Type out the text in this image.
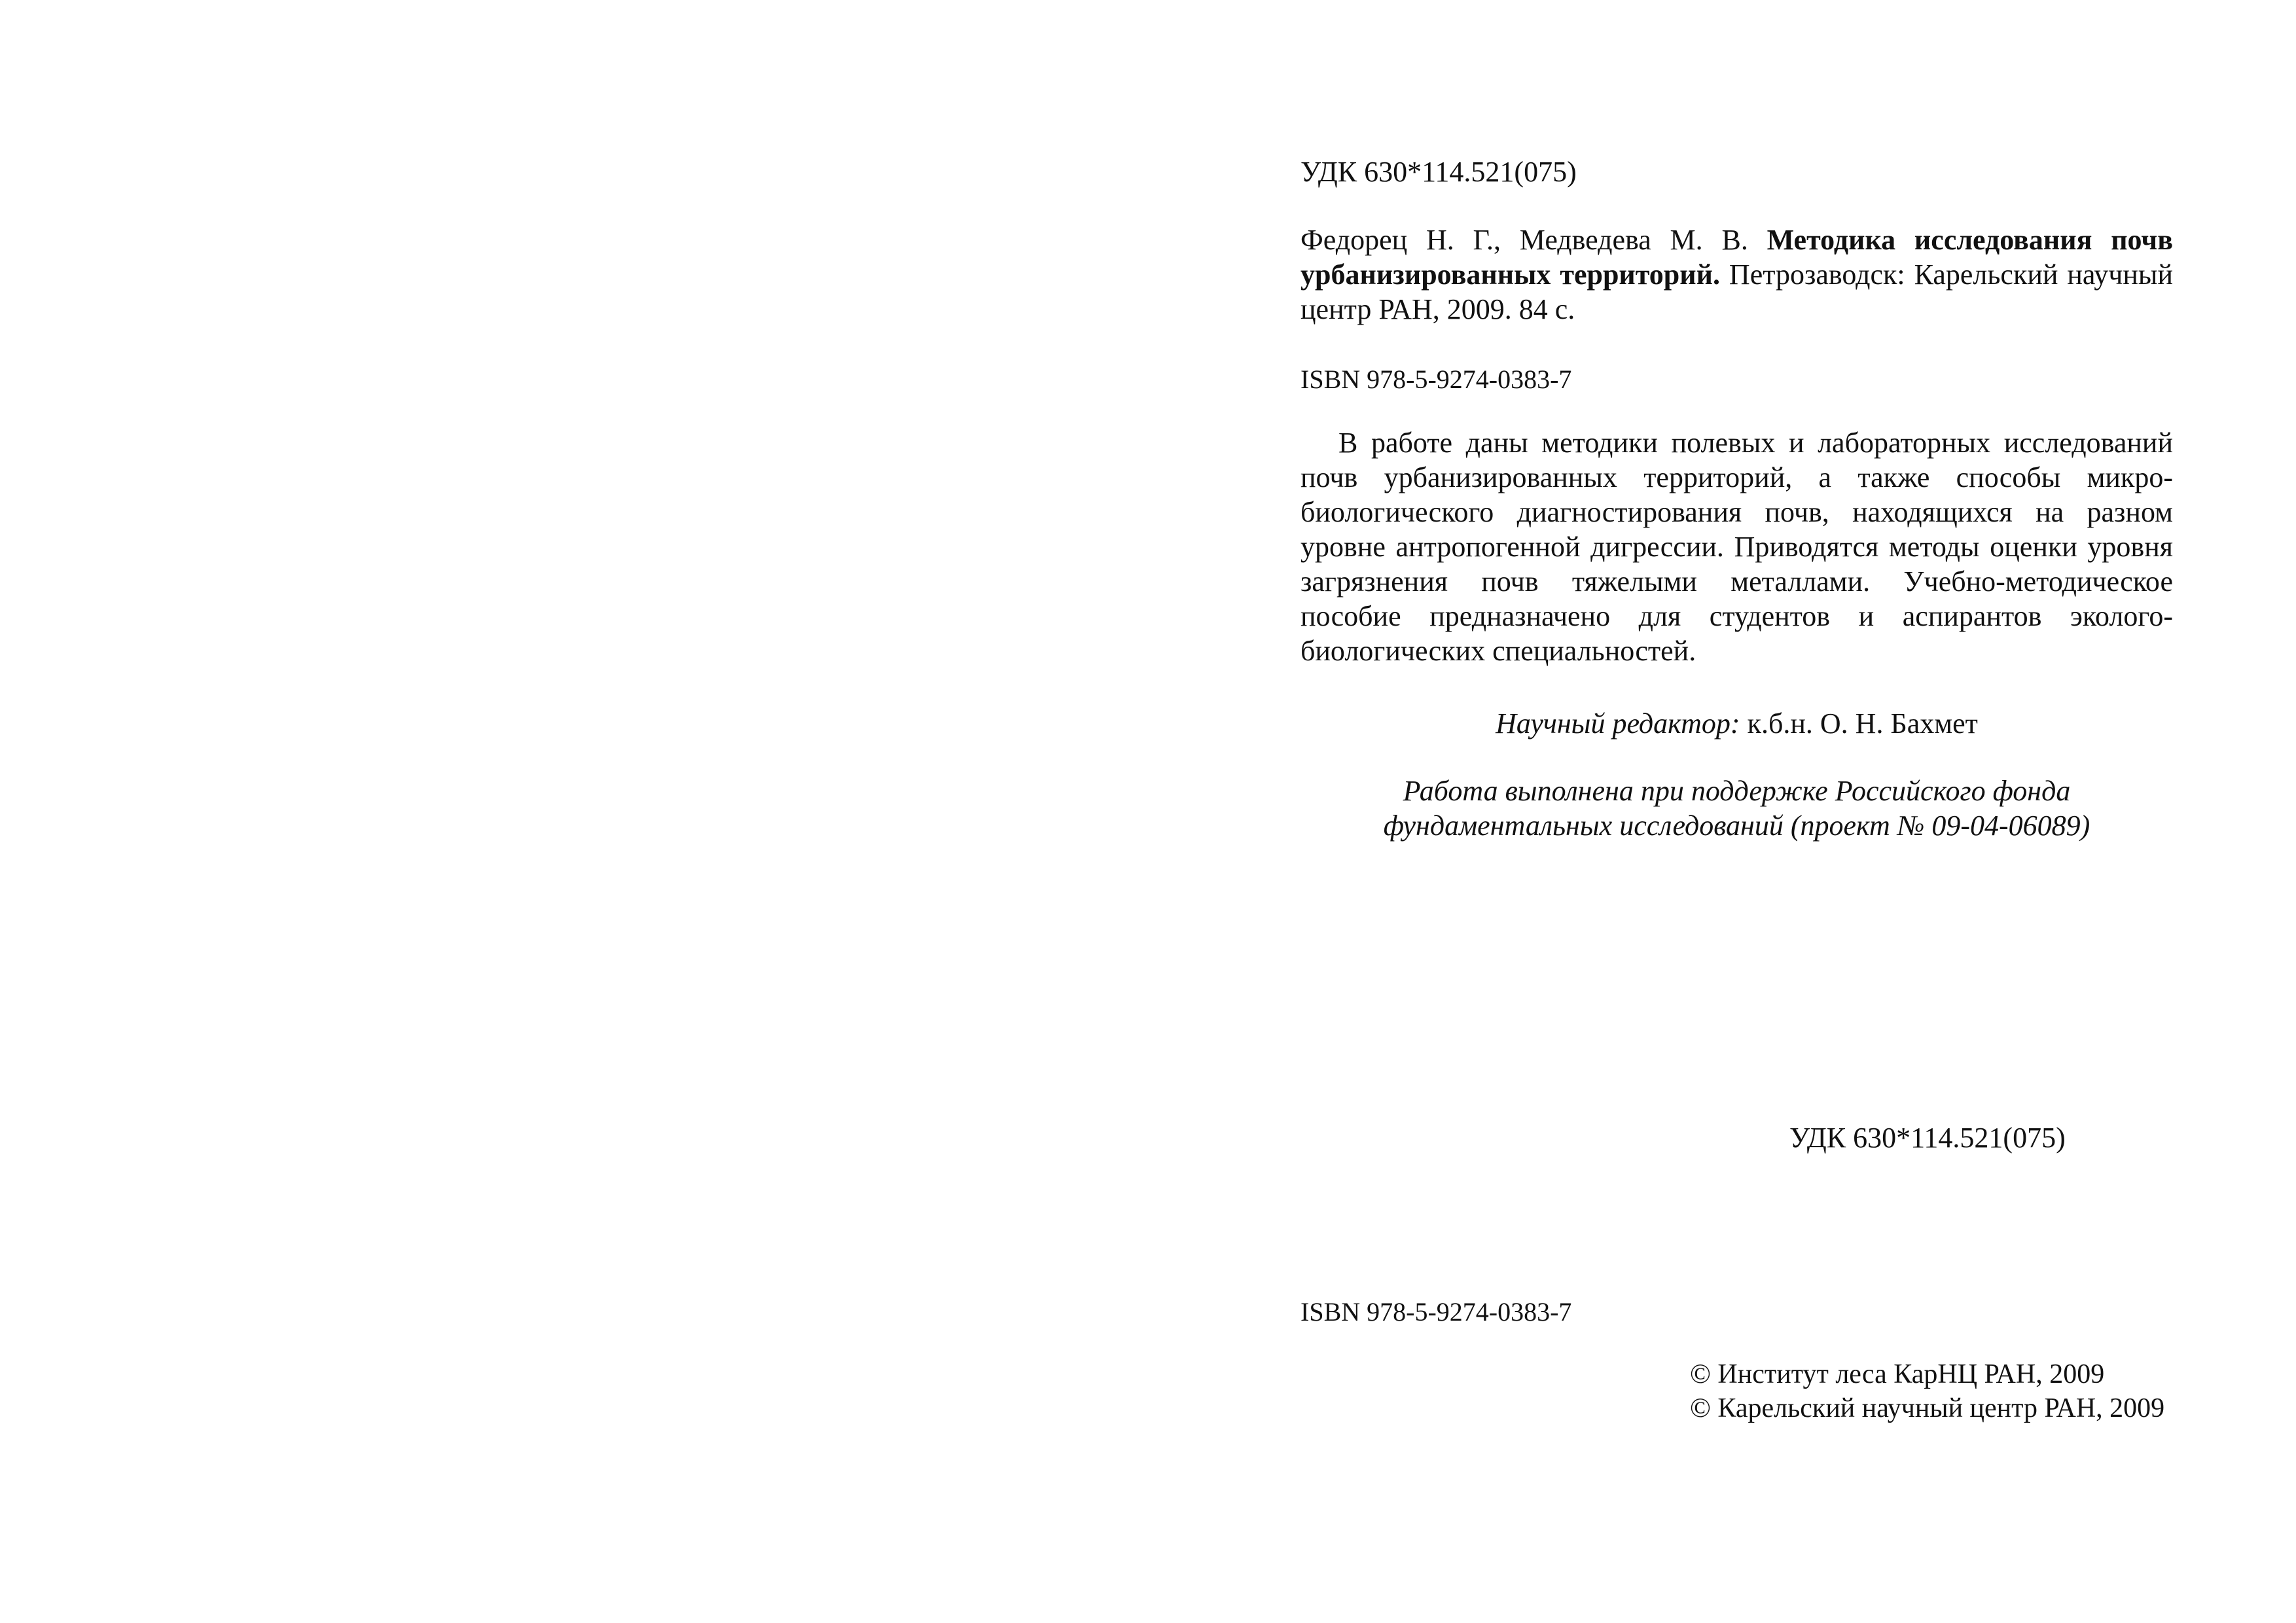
УДК 630*114.521(075)

Федорец Н. Г., Медведева М. В. Методика исследования почв урбанизированных территорий. Петрозаводск: Карельский научный центр РАН, 2009. 84 с.

ISBN 978-5-9274-0383-7

В работе даны методики полевых и лабораторных исследований почв урбанизированных территорий, а также способы микробиологического диагностирования почв, находящихся на разном уровне антропогенной дигрессии. Приводятся методы оценки уровня загрязнения почв тяжелыми металлами. Учебно-методическое пособие предназначено для студентов и аспирантов эколого-биологических специальностей.

Научный редактор: к.б.н. О. Н. Бахмет

Работа выполнена при поддержке Российского фонда
фундаментальных исследований (проект № 09-04-06089)

УДК 630*114.521(075)

ISBN 978-5-9274-0383-7

© Институт леса КарНЦ РАН, 2009
© Карельский научный центр РАН, 2009
